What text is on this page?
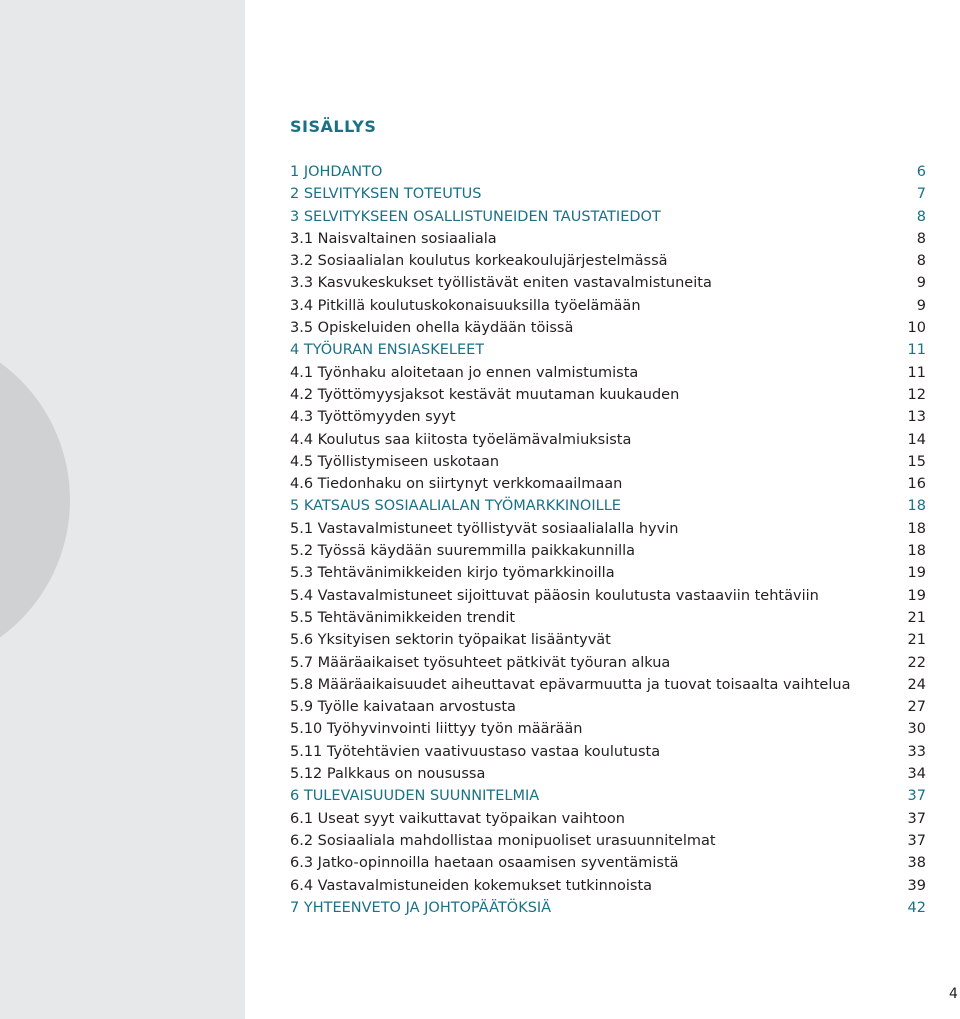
SISÄLLYS
1 JOHDANTO	6
2 SELVITYKSEN TOTEUTUS	7
3 SELVITYKSEEN OSALLISTUNEIDEN TAUSTATIEDOT	8
3.1 Naisvaltainen sosiaaliala	8
3.2 Sosiaalialan koulutus korkeakoulujärjestelmässä	8
3.3 Kasvukeskukset työllistävät eniten vastavalmistuneita	9
3.4 Pitkillä koulutuskokonaisuuksilla työelämään	9
3.5 Opiskeluiden ohella käydään töissä	10
4 TYÖURAN ENSIASKELEET	11
4.1 Työnhaku aloitetaan jo ennen valmistumista	11
4.2 Työttömyysjaksot kestävät muutaman kuukauden	12
4.3 Työttömyyden syyt	13
4.4 Koulutus saa kiitosta työelämävalmiuksista	14
4.5 Työllistymiseen uskotaan	15
4.6 Tiedonhaku on siirtynyt verkkomaailmaan	16
5 KATSAUS SOSIAALIALAN TYÖMARKKINOILLE	18
5.1 Vastavalmistuneet työllistyvät sosiaalialalla hyvin	18
5.2 Työssä käydään suuremmilla paikkakunnilla	18
5.3 Tehtävänimikkeiden kirjo työmarkkinoilla	19
5.4 Vastavalmistuneet sijoittuvat pääosin koulutusta vastaaviin tehtäviin	19
5.5 Tehtävänimikkeiden trendit	21
5.6 Yksityisen sektorin työpaikat lisääntyvät	21
5.7 Määräaikaiset työsuhteet pätkivät työuran alkua	22
5.8 Määräaikaisuudet aiheuttavat epävarmuutta ja tuovat toisaalta vaihtelua	24
5.9 Työlle kaivataan arvostusta	27
5.10 Työhyvinvointi liittyy työn määrään	30
5.11 Työtehtävien vaativuustaso vastaa koulutusta	33
5.12 Palkkaus on nousussa	34
6 TULEVAISUUDEN SUUNNITELMIA	37
6.1 Useat syyt vaikuttavat työpaikan vaihtoon	37
6.2 Sosiaaliala mahdollistaa monipuoliset urasuunnitelmat	37
6.3 Jatko-opinnoilla haetaan osaamisen syventämistä	38
6.4 Vastavalmistuneiden kokemukset tutkinnoista	39
7 YHTEENVETO JA JOHTOPÄÄTÖKSIÄ	42
4
